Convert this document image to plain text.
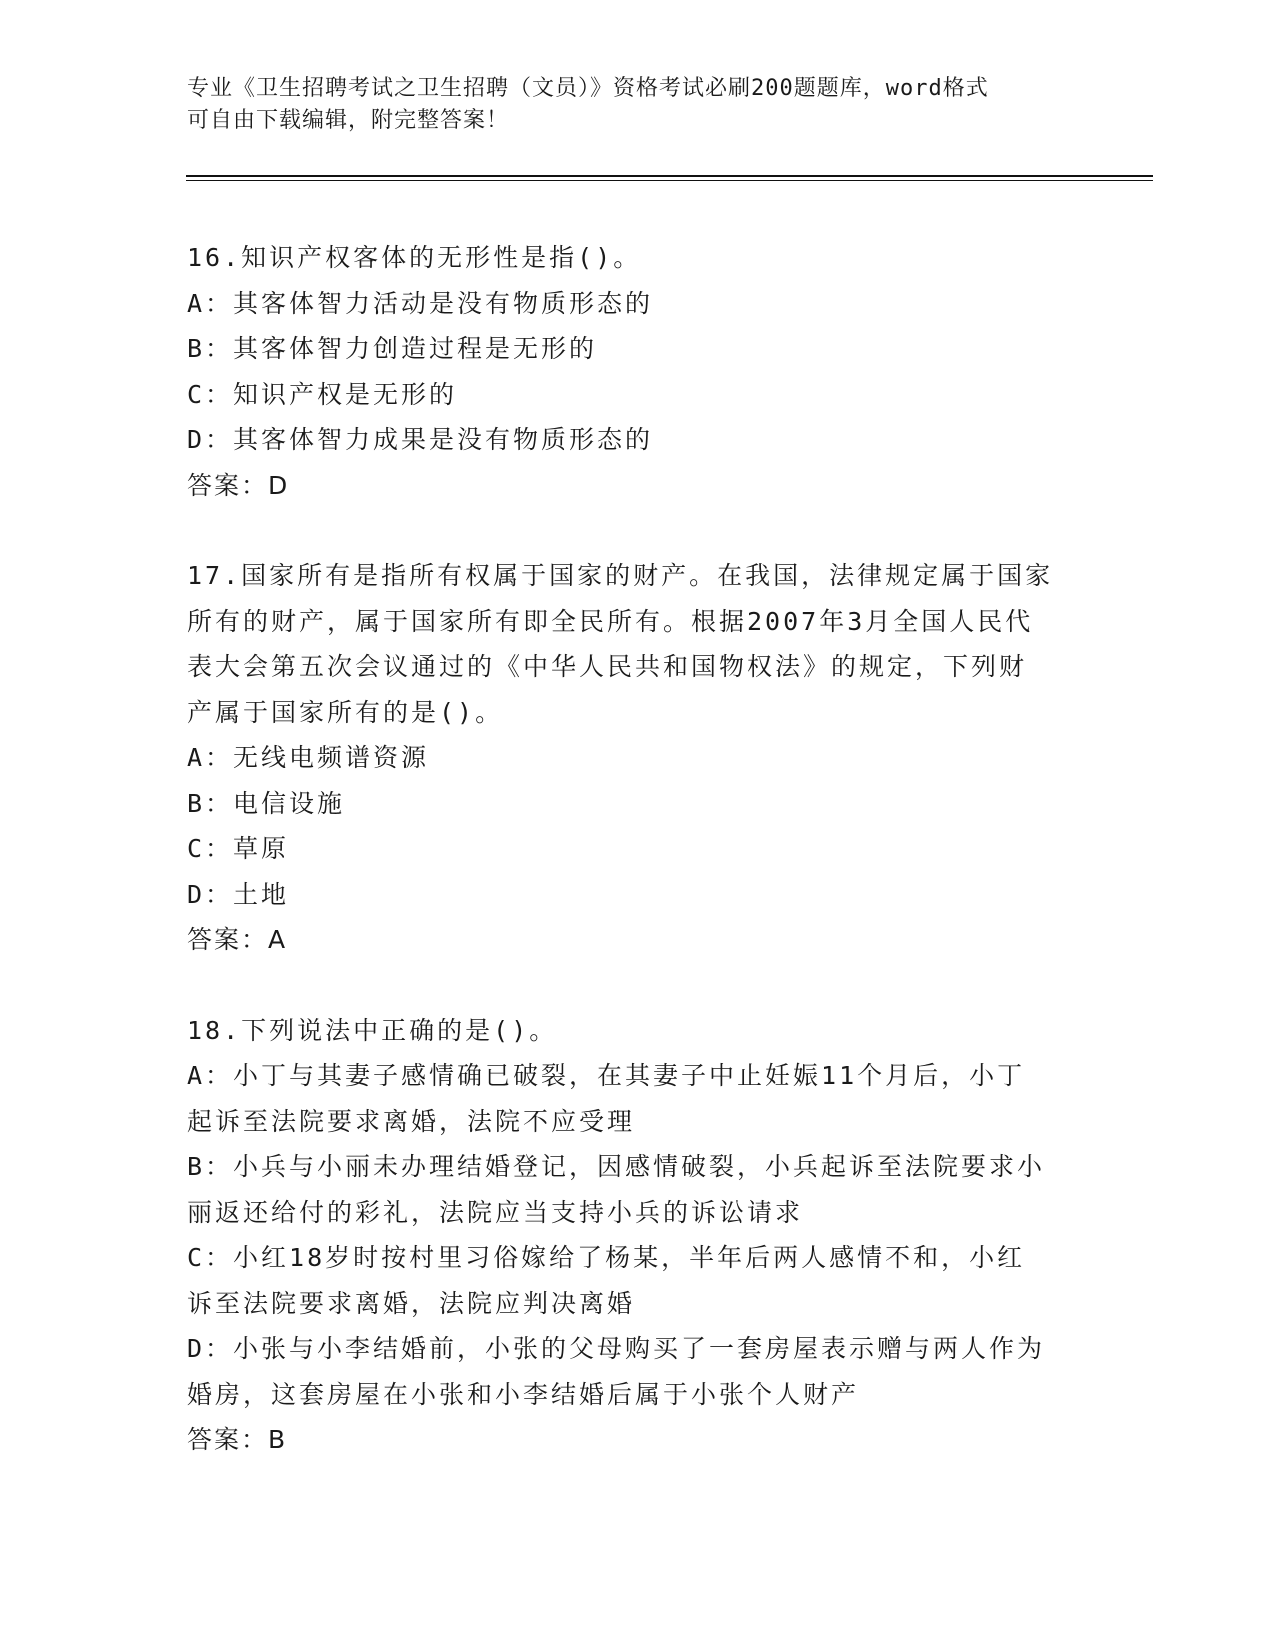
专业《卫生招聘考试之卫生招聘（文员）》资格考试必刷200题题库，word格式
可自由下载编辑，附完整答案！
16.知识产权客体的无形性是指()。
A：其客体智力活动是没有物质形态的
B：其客体智力创造过程是无形的
C：知识产权是无形的
D：其客体智力成果是没有物质形态的
答案：D
17.国家所有是指所有权属于国家的财产。在我国，法律规定属于国家
所有的财产，属于国家所有即全民所有。根据2007年3月全国人民代
表大会第五次会议通过的《中华人民共和国物权法》的规定，下列财
产属于国家所有的是()。
A：无线电频谱资源
B：电信设施
C：草原
D：土地
答案：A
18.下列说法中正确的是()。
A：小丁与其妻子感情确已破裂，在其妻子中止妊娠11个月后，小丁
起诉至法院要求离婚，法院不应受理
B：小兵与小丽未办理结婚登记，因感情破裂，小兵起诉至法院要求小
丽返还给付的彩礼，法院应当支持小兵的诉讼请求
C：小红18岁时按村里习俗嫁给了杨某，半年后两人感情不和，小红
诉至法院要求离婚，法院应判决离婚
D：小张与小李结婚前，小张的父母购买了一套房屋表示赠与两人作为
婚房，这套房屋在小张和小李结婚后属于小张个人财产
答案：B
